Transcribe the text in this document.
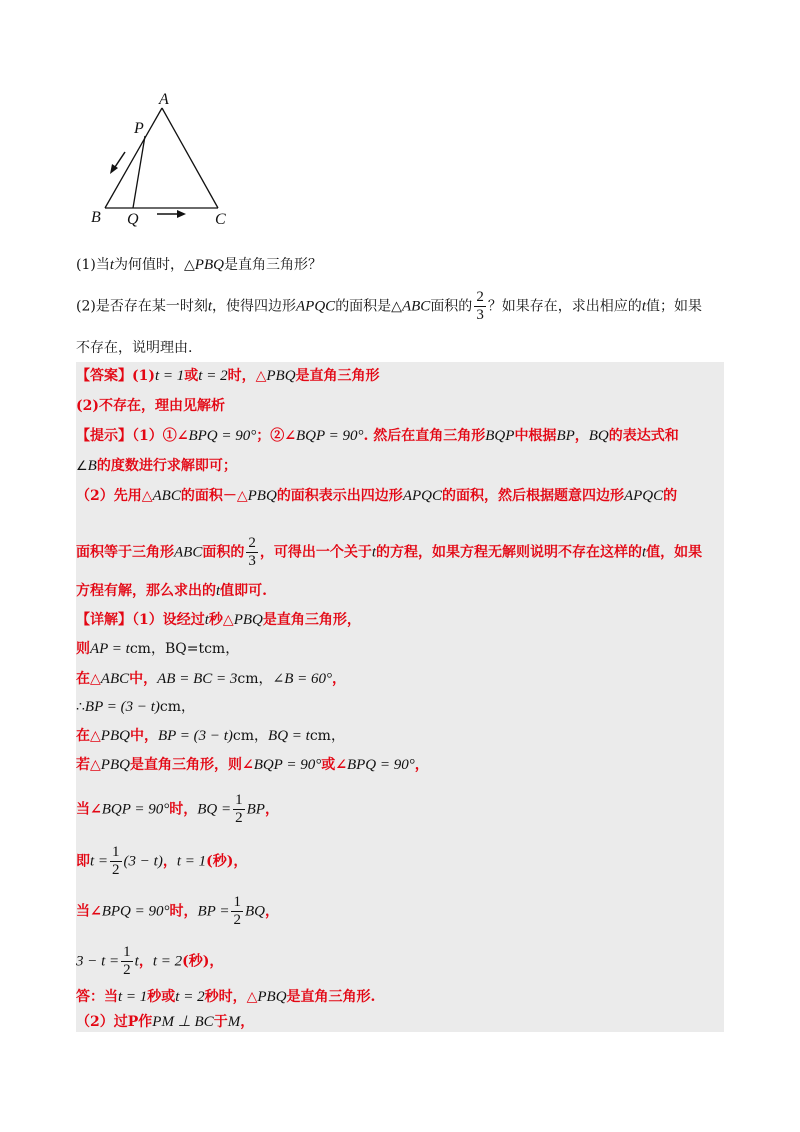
A
P
B Q	C
(1)当t为何值时，△PBQ是直角三角形？
(2)是否存在某一时刻t，使得四边形APQC的面积是△ABC面积的 $\frac{2}{3}$ ？如果存在，求出相应的t值；如果
不存在，说明理由.
【答案】(1)t = 1或t = 2时，△PBQ是直角三角形
(2)不存在，理由见解析
【提示】（1）①∠BPQ = 90°；②∠BQP = 90°. 然后在直角三角形BQP中根据BP，BQ的表达式和
∠B的度数进行求解即可；
（2）先用△ABC的面积－△PBQ的面积表示出四边形APQC的面积，然后根据题意四边形APQC的
面积等于三角形ABC面积的 $\frac{2}{3}$ ，可得出一个关于t的方程，如果方程无解则说明不存在这样的t值，如果
方程有解，那么求出的t值即可.
【详解】（1）设经过t秒△PBQ是直角三角形，
则AP = tcm，BQ=tcm，
在△ABC中，AB = BC = 3cm，∠B = 60°，
∴BP = (3 − t)cm，
在△PBQ中，BP = (3 − t)cm，BQ = tcm，
若△PBQ是直角三角形，则∠BQP = 90°或∠BPQ = 90°，
当∠BQP = 90°时，BQ = $\frac{1}{2}$ BP，
即$t = \frac{1}{2} (3 - t)$，t = 1(秒)，
当∠BPQ = 90°时，BP = $\frac{1}{2}$ BQ，
$3 - t = \frac{1}{2}$ t，t = 2(秒)，
答：当t = 1秒或t = 2秒时，△PBQ是直角三角形.
（2）过P作PM ⊥ BC于M，
